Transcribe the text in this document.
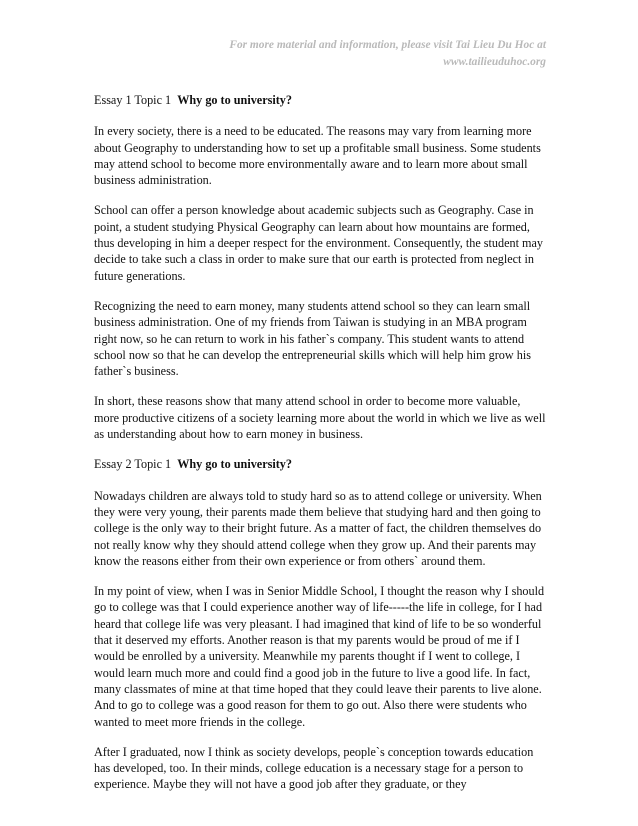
For more material and information, please visit Tai Lieu Du Hoc at
www.tailieuduhoc.org

Essay 1 Topic 1 Why go to university?

In every society, there is a need to be educated. The reasons may vary from learning more about Geography to understanding how to set up a profitable small business. Some students may attend school to become more environmentally aware and to learn more about small business administration.

School can offer a person knowledge about academic subjects such as Geography. Case in point, a student studying Physical Geography can learn about how mountains are formed, thus developing in him a deeper respect for the environment. Consequently, the student may decide to take such a class in order to make sure that our earth is protected from neglect in future generations.

Recognizing the need to earn money, many students attend school so they can learn small business administration. One of my friends from Taiwan is studying in an MBA program right now, so he can return to work in his father`s company. This student wants to attend school now so that he can develop the entrepreneurial skills which will help him grow his father`s business.

In short, these reasons show that many attend school in order to become more valuable, more productive citizens of a society learning more about the world in which we live as well as understanding about how to earn money in business.

Essay 2 Topic 1 Why go to university?

Nowadays children are always told to study hard so as to attend college or university. When they were very young, their parents made them believe that studying hard and then going to college is the only way to their bright future. As a matter of fact, the children themselves do not really know why they should attend college when they grow up. And their parents may know the reasons either from their own experience or from others` around them.

In my point of view, when I was in Senior Middle School, I thought the reason why I should go to college was that I could experience another way of life-----the life in college, for I had heard that college life was very pleasant. I had imagined that kind of life to be so wonderful that it deserved my efforts. Another reason is that my parents would be proud of me if I would be enrolled by a university. Meanwhile my parents thought if I went to college, I would learn much more and could find a good job in the future to live a good life. In fact, many classmates of mine at that time hoped that they could leave their parents to live alone. And to go to college was a good reason for them to go out. Also there were students who wanted to meet more friends in the college.

After I graduated, now I think as society develops, people`s conception towards education has developed, too. In their minds, college education is a necessary stage for a person to experience. Maybe they will not have a good job after they graduate, or they
